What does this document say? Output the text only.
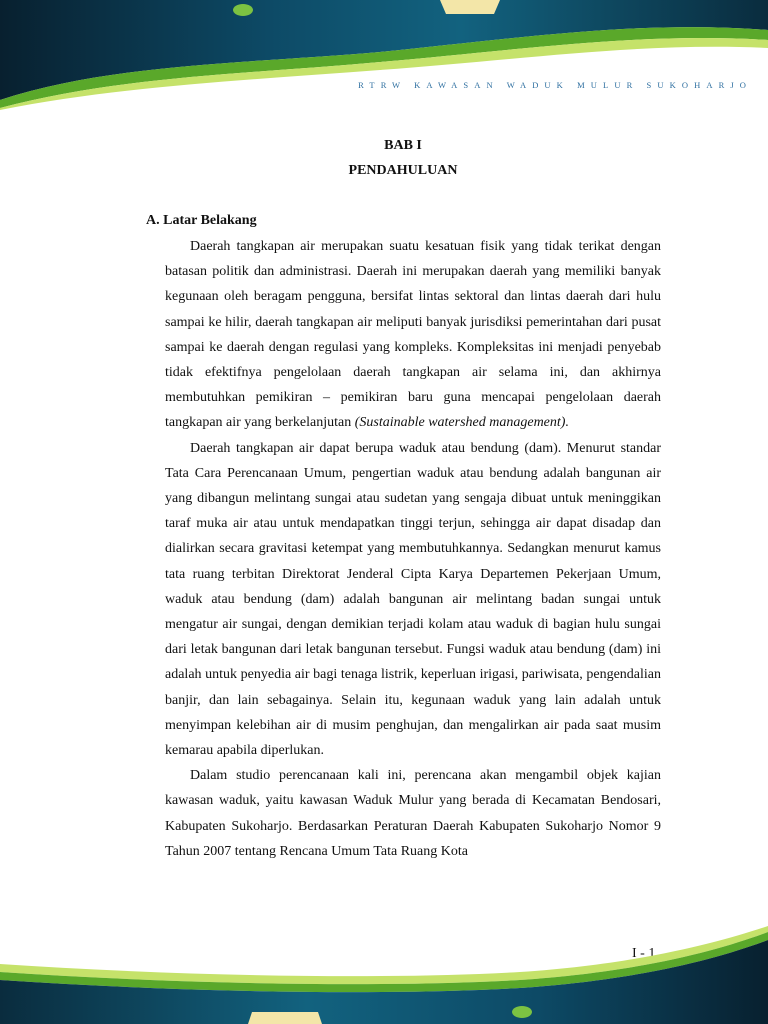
RTRW KAWASAN WADUK MULUR SUKOHARJO
BAB I
PENDAHULUAN
A. Latar Belakang

Daerah tangkapan air merupakan suatu kesatuan fisik yang tidak terikat dengan batasan politik dan administrasi. Daerah ini merupakan daerah yang memiliki banyak kegunaan oleh beragam pengguna, bersifat lintas sektoral dan lintas daerah dari hulu sampai ke hilir, daerah tangkapan air meliputi banyak jurisdiksi pemerintahan dari pusat sampai ke daerah dengan regulasi yang kompleks. Kompleksitas ini menjadi penyebab tidak efektifnya pengelolaan daerah tangkapan air selama ini, dan akhirnya membutuhkan pemikiran – pemikiran baru guna mencapai pengelolaan daerah tangkapan air yang berkelanjutan (Sustainable watershed management).

Daerah tangkapan air dapat berupa waduk atau bendung (dam). Menurut standar Tata Cara Perencanaan Umum, pengertian waduk atau bendung adalah bangunan air yang dibangun melintang sungai atau sudetan yang sengaja dibuat untuk meninggikan taraf muka air atau untuk mendapatkan tinggi terjun, sehingga air dapat disadap dan dialirkan secara gravitasi ketempat yang membutuhkannya. Sedangkan menurut kamus tata ruang terbitan Direktorat Jenderal Cipta Karya Departemen Pekerjaan Umum, waduk atau bendung (dam) adalah bangunan air melintang badan sungai untuk mengatur air sungai, dengan demikian terjadi kolam atau waduk di bagian hulu sungai dari letak bangunan dari letak bangunan tersebut. Fungsi waduk atau bendung (dam) ini adalah untuk penyedia air bagi tenaga listrik, keperluan irigasi, pariwisata, pengendalian banjir, dan lain sebagainya. Selain itu, kegunaan waduk yang lain adalah untuk menyimpan kelebihan air di musim penghujan, dan mengalirkan air pada saat musim kemarau apabila diperlukan.

Dalam studio perencanaan kali ini, perencana akan mengambil objek kajian kawasan waduk, yaitu kawasan Waduk Mulur yang berada di Kecamatan Bendosari, Kabupaten Sukoharjo. Berdasarkan Peraturan Daerah Kabupaten Sukoharjo Nomor 9 Tahun 2007 tentang Rencana Umum Tata Ruang Kota

I - 1
